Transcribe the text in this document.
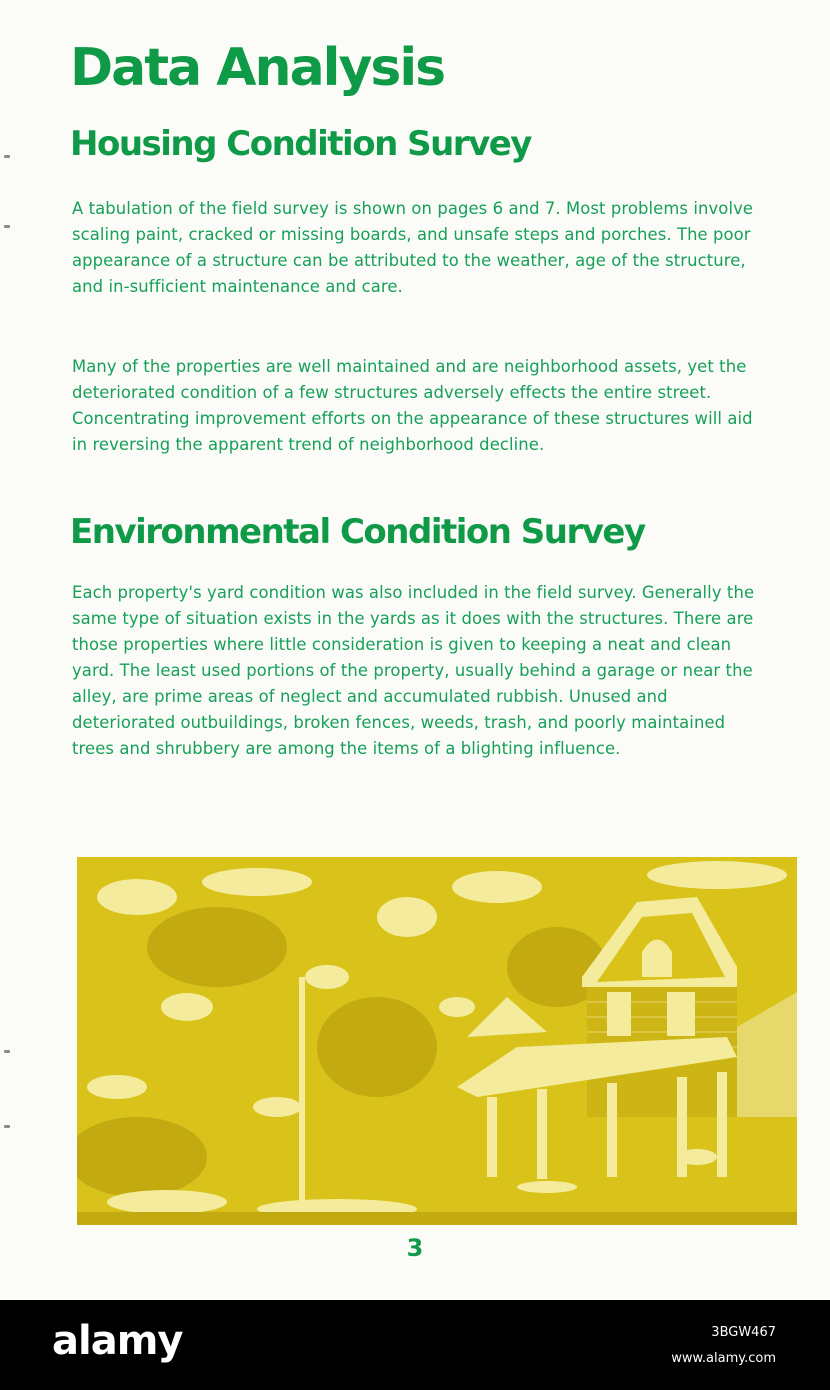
Data Analysis
Housing Condition Survey

A tabulation of the field survey is shown on pages 6 and 7. Most problems involve scaling paint, cracked or missing boards, and unsafe steps and porches. The poor appearance of a structure can be attributed to the weather, age of the structure, and in-sufficient maintenance and care.

Many of the properties are well maintained and are neighborhood assets, yet the deteriorated condition of a few structures adversely effects the entire street. Concentrating improvement efforts on the appearance of these structures will aid in reversing the apparent trend of neighborhood decline.

Environmental Condition Survey

Each property's yard condition was also included in the field survey. Generally the same type of situation exists in the yards as it does with the structures. There are those properties where little consideration is given to keeping a neat and clean yard. The least used portions of the property, usually behind a garage or near the alley, are prime areas of neglect and accumulated rubbish. Unused and deteriorated outbuildings, broken fences, weeds, trash, and poorly maintained trees and shrubbery are among the items of a blighting influence.

3
alamy	3BGW467
www.alamy.com
